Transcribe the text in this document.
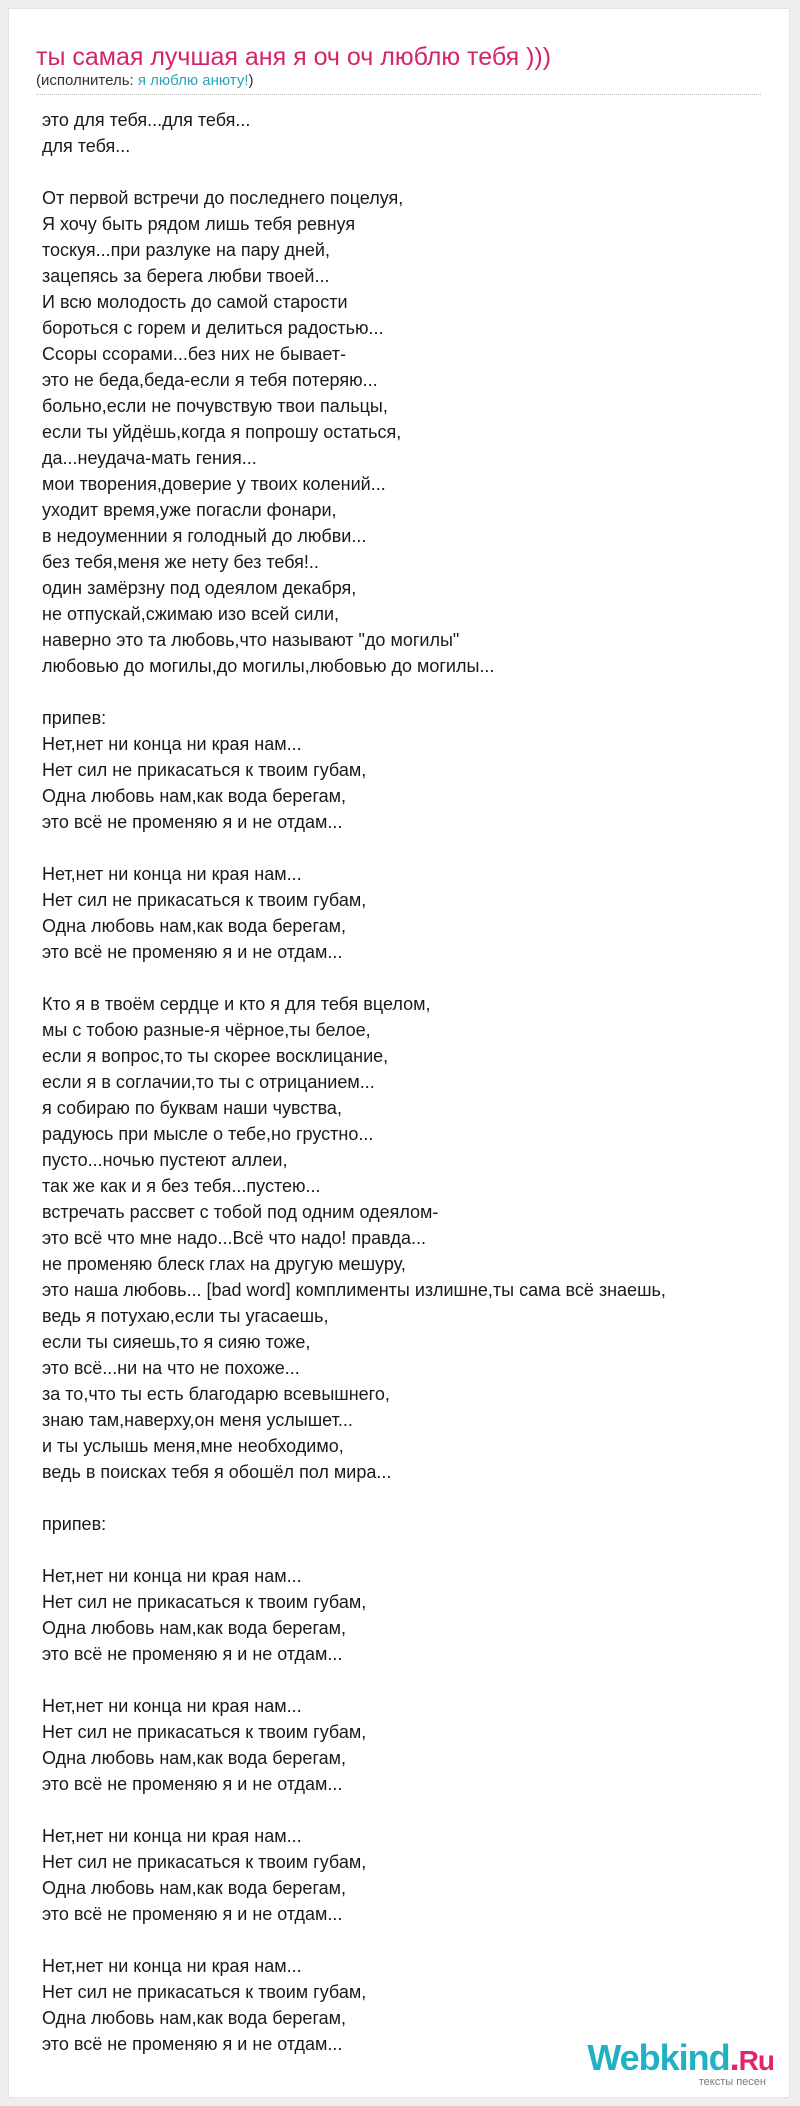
ты самая лучшая аня я оч оч люблю тебя )))
(исполнитель: я люблю анюту!)
это для тебя...для тебя...
для тебя...
От первой встречи до последнего поцелуя,
Я хочу быть рядом лишь тебя ревнуя
тоскуя...при разлуке на пару дней,
зацепясь за берега любви твоей...
И всю молодость до самой старости
бороться с горем и делиться радостью...
Ссоры ссорами...без них не бывает-
это не беда,беда-если я тебя потеряю...
больно,если не почувствую твои пальцы,
если ты уйдёшь,когда я попрошу остаться,
да...неудача-мать гения...
мои творения,доверие у твоих колений...
уходит время,уже погасли фонари,
в недоуменнии я голодный до любви...
без тебя,меня же нету без тебя!..
один замёрзну под одеялом декабря,
не отпускай,сжимаю изо всей сили,
наверно это та любовь,что называют "до могилы"
любовью до могилы,до могилы,любовью до могилы...
припев:
Нет,нет ни конца ни края нам...
Нет сил не прикасаться к твоим губам,
Одна любовь нам,как вода берегам,
это всё не променяю я и не отдам...
Нет,нет ни конца ни края нам...
Нет сил не прикасаться к твоим губам,
Одна любовь нам,как вода берегам,
это всё не променяю я и не отдам...
Кто я в твоём сердце и кто я для тебя вцелом,
мы с тобою разные-я чёрное,ты белое,
если я вопрос,то ты скорее восклицание,
если я в соглачии,то ты с отрицанием...
я собираю по буквам наши чувства,
радуюсь при мысле о тебе,но грустно...
пусто...ночью пустеют аллеи,
так же как и я без тебя...пустею...
встречать рассвет с тобой под одним одеялом-
это всё что мне надо...Всё что надо! правда...
не променяю блеск глах на другую мешуру,
это наша любовь... [bad word] комплименты излишне,ты сама всё знаешь,
ведь я потухаю,если ты угасаешь,
если ты сияешь,то я сияю тоже,
это всё...ни на что не похоже...
за то,что ты есть благодарю всевышнего,
знаю там,наверху,он меня услышет...
и ты услышь меня,мне необходимо,
ведь в поисках тебя я обошёл пол мира...
припев:
Нет,нет ни конца ни края нам...
Нет сил не прикасаться к твоим губам,
Одна любовь нам,как вода берегам,
это всё не променяю я и не отдам...
Нет,нет ни конца ни края нам...
Нет сил не прикасаться к твоим губам,
Одна любовь нам,как вода берегам,
это всё не променяю я и не отдам...
Нет,нет ни конца ни края нам...
Нет сил не прикасаться к твоим губам,
Одна любовь нам,как вода берегам,
это всё не променяю я и не отдам...
Нет,нет ни конца ни края нам...
Нет сил не прикасаться к твоим губам,
Одна любовь нам,как вода берегам,
это всё не променяю я и не отдам...	Webkind.Ru
тексты песен
